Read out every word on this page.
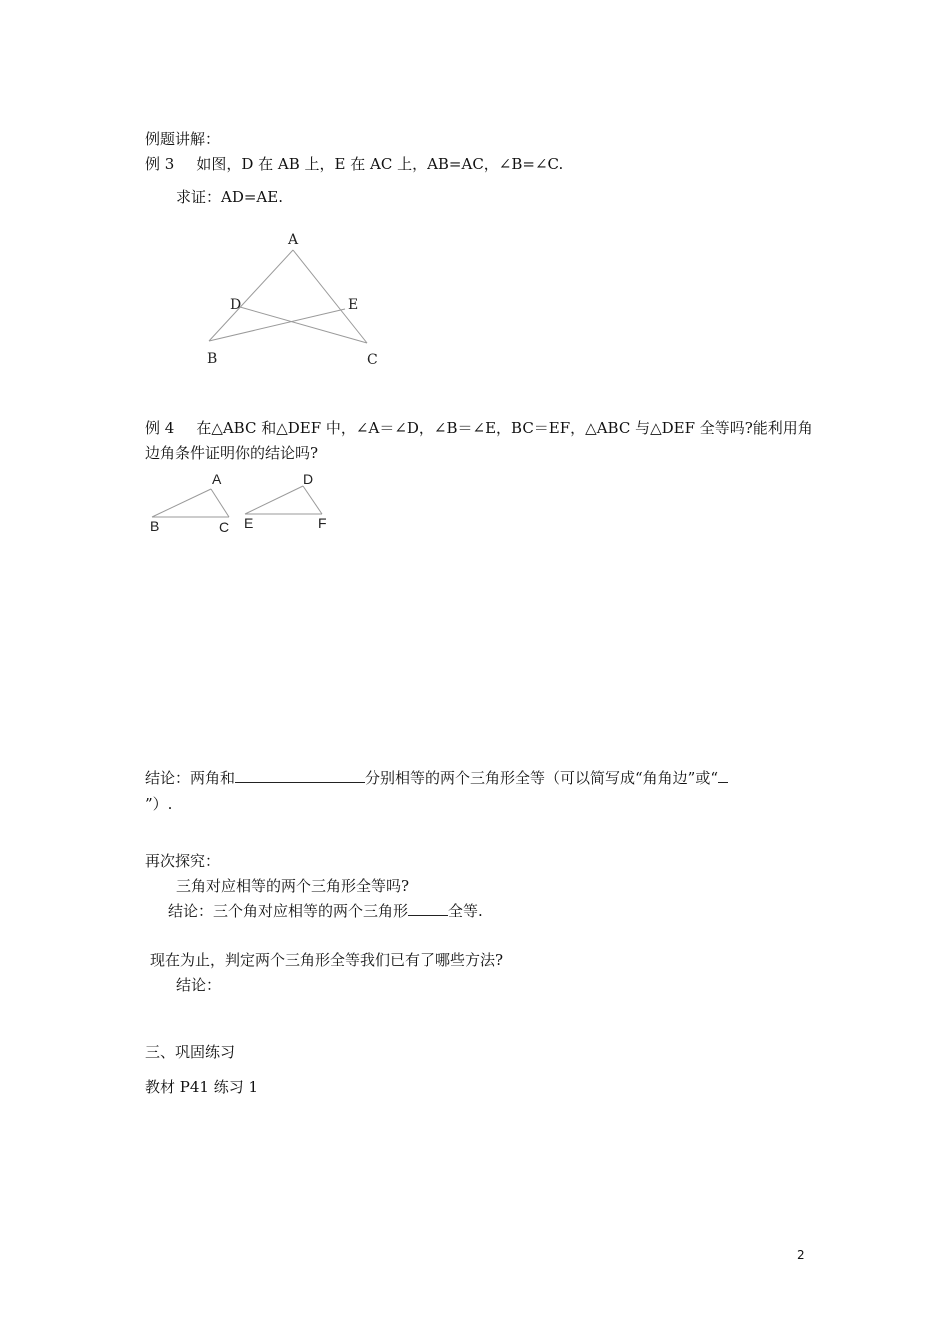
例题讲解：
例 3 如图，D 在 AB 上，E 在 AC 上，AB=AC，∠B=∠C.
求证：AD=AE.
A
D	E
B	C
A
B	C
D
E	F
例 4 在△ABC 和△DEF 中，∠A＝∠D，∠B＝∠E，BC＝EF，△ABC 与△DEF 全等吗?能利用角
边角条件证明你的结论吗?
结论：两角和	分别相等的两个三角形全等（可以简写成“角角边”或“
”）.
再次探究：
三角对应相等的两个三角形全等吗?
结论：三个角对应相等的两个三角形	全等.
现在为止，判定两个三角形全等我们已有了哪些方法?
结论：
三、巩固练习
教材 P41 练习 1
2
